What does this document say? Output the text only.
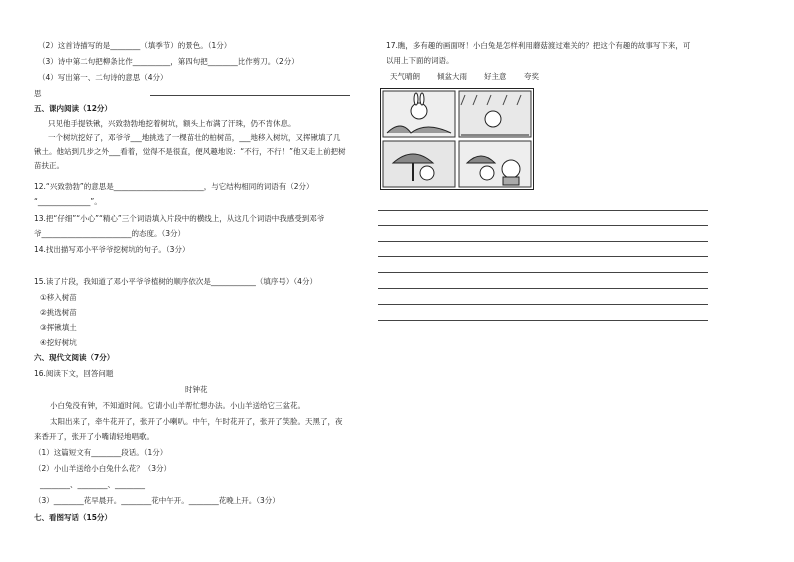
（2）这首诗描写的是________（填季节）的景色。（1分）
（3）诗中第二句把柳条比作__________，第四句把________比作剪刀。（2分）
（4）写出第一、二句诗的意思（4分）
思
五、课内阅读（12分）
只见他手提铁锹，兴致勃勃地挖着树坑，额头上布满了汗珠，仍不肯休息。
一个树坑挖好了，邓爷爷___地挑选了一棵苗壮的柏树苗，___地移入树坑，又挥锹填了几
锹土。他站到几步之外___看着，觉得不是很直，便风趣地说：“不行，不行！”他又走上前把树
苗扶正。
12.“兴致勃勃”的意思是________________________，与它结构相同的词语有（2分）
“______________”。
13.把“仔细”“小心”“精心”三个词语填入片段中的横线上，从这几个词语中我感受到邓爷
爷________________________的态度。（3分）
14.找出描写邓小平爷爷挖树坑的句子。（3分）
15.读了片段，我知道了邓小平爷爷植树的顺序依次是____________（填序号）（4分）
①移入树苗
②挑选树苗
③挥锹填土
④挖好树坑
六、现代文阅读（7分）
16.阅读下文，回答问题
时钟花
小白兔没有钟，不知道时间。它请小山羊帮忙想办法。小山羊送给它三盆花。
太阳出来了，牵牛花开了，张开了小喇叭。中午，午时花开了，张开了笑脸。天黑了，夜
来香开了，张开了小嘴请轻地唱歌。
（1）这篇短文有________段话。（1分）
（2）小山羊送给小白兔什么花？（3分）
________、________、________
（3）________花早晨开。________花中午开。________花晚上开。（3分）
七、看图写话（15分）
17.瞧，多有趣的画面呀！小白兔是怎样利用蘑菇渡过难关的？把这个有趣的故事写下来，可
以用上下面的词语。
天气晴朗 倾盆大雨 好主意 夸奖
